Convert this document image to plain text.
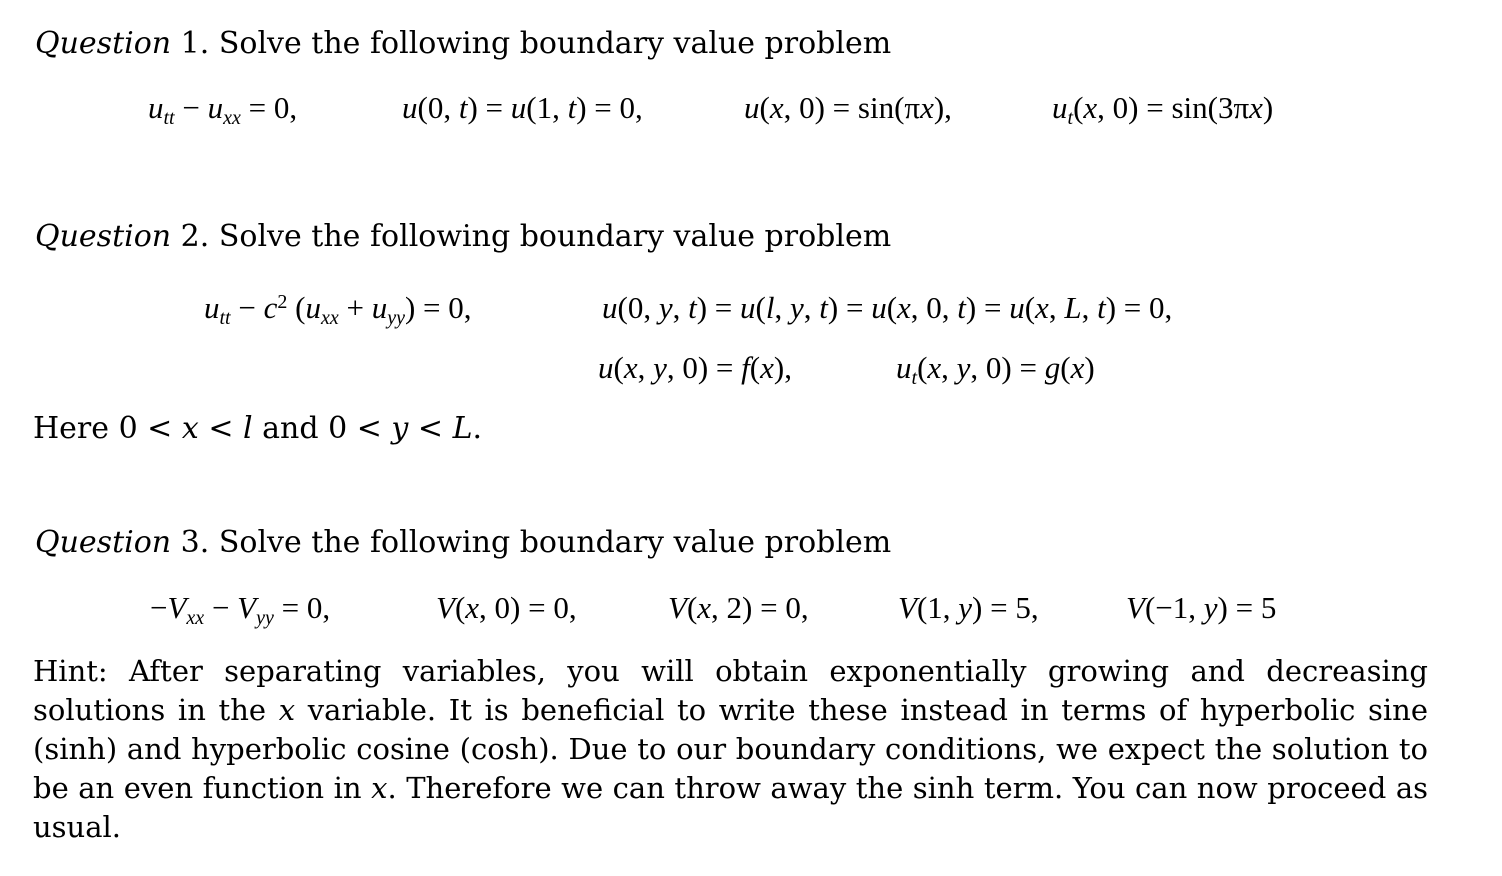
Question 1. Solve the following boundary value problem
$u_{tt} - u_{xx} = 0$,	u(0, t) = u(1, t) = 0,	u(x, 0) = sin(πx),	$u_t(x$, 0) = sin(3πx)
Question 2. Solve the following boundary value problem
$u_{tt} - c^2$ $(u_{xx} + u_{yy}) = 0$,	u(0, y, t) = u(l, y, t) = u(x, 0, t) = u(x, L, t) = 0,
u(x, y, 0) = f(x),	$u_t(x$, y, 0) = g(x)
Here 0 < x < l and 0 < y < L.
Question 3. Solve the following boundary value problem
$-V_{xx} - V_{yy} = 0$,	V(x, 0) = 0,	V(x, 2) = 0,	V(1, y) = 5,	V(−1, y) = 5
Hint: After separating variables, you will obtain exponentially growing and decreasing solutions in the x variable. It is beneficial to write these instead in terms of hyperbolic sine (sinh) and hyperbolic cosine (cosh). Due to our boundary conditions, we expect the solution to be an even function in x. Therefore we can throw away the sinh term. You can now proceed as usual.
